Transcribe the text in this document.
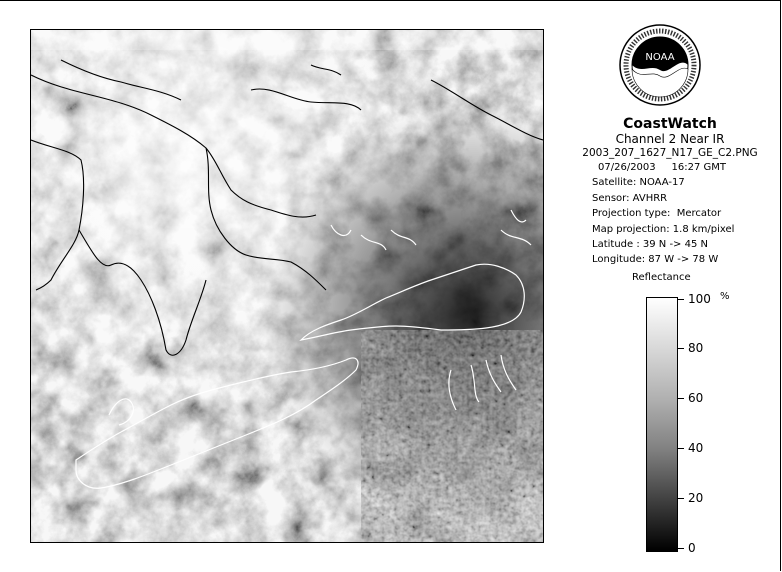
NOAA
CoastWatch
Channel 2 Near IR
2003_207_1627_N17_GE_C2.PNG
07/26/2003     16:27 GMT
Satellite: NOAA-17
Sensor: AVHRR
Projection type:  Mercator
Map projection: 1.8 km/pixel
Latitude : 39 N -> 45 N
Longitude: 87 W -> 78 W
Reflectance
%
100
80
60
40
20
0
